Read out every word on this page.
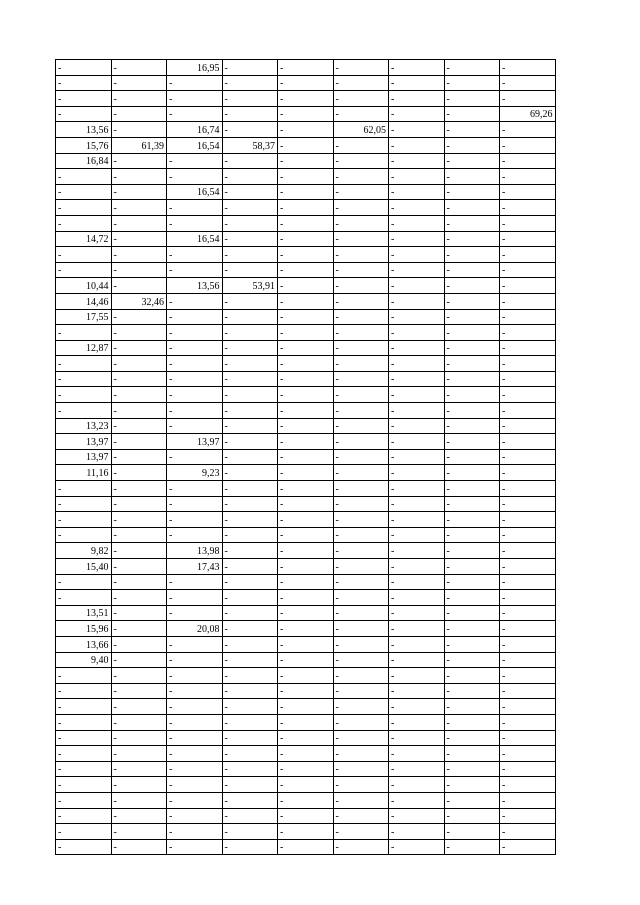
-	-	16,95	-	-	-	-	-	-
-	-	-	-	-	-	-	-	-
-	-	-	-	-	-	-	-	-
-	-	-	-	-	-	-	-	69,26
13,56	-	16,74	-	-	62,05	-	-	-
15,76	61,39	16,54	58,37	-	-	-	-	-
16,84	-	-	-	-	-	-	-	-
-	-	-	-	-	-	-	-	-
-	-	16,54	-	-	-	-	-	-
-	-	-	-	-	-	-	-	-
-	-	-	-	-	-	-	-	-
14,72	-	16,54	-	-	-	-	-	-
-	-	-	-	-	-	-	-	-
-	-	-	-	-	-	-	-	-
10,44	-	13,56	53,91	-	-	-	-	-
14,46	32,46	-	-	-	-	-	-	-
17,55	-	-	-	-	-	-	-	-
-	-	-	-	-	-	-	-	-
12,87	-	-	-	-	-	-	-	-
-	-	-	-	-	-	-	-	-
-	-	-	-	-	-	-	-	-
-	-	-	-	-	-	-	-	-
-	-	-	-	-	-	-	-	-
13,23	-	-	-	-	-	-	-	-
13,97	-	13,97	-	-	-	-	-	-
13,97	-	-	-	-	-	-	-	-
11,16	-	9,23	-	-	-	-	-	-
-	-	-	-	-	-	-	-	-
-	-	-	-	-	-	-	-	-
-	-	-	-	-	-	-	-	-
-	-	-	-	-	-	-	-	-
9,82	-	13,98	-	-	-	-	-	-
15,40	-	17,43	-	-	-	-	-	-
-	-	-	-	-	-	-	-	-
-	-	-	-	-	-	-	-	-
13,51	-	-	-	-	-	-	-	-
15,96	-	20,08	-	-	-	-	-	-
13,66	-	-	-	-	-	-	-	-
9,40	-	-	-	-	-	-	-	-
-	-	-	-	-	-	-	-	-
-	-	-	-	-	-	-	-	-
-	-	-	-	-	-	-	-	-
-	-	-	-	-	-	-	-	-
-	-	-	-	-	-	-	-	-
-	-	-	-	-	-	-	-	-
-	-	-	-	-	-	-	-	-
-	-	-	-	-	-	-	-	-
-	-	-	-	-	-	-	-	-
-	-	-	-	-	-	-	-	-
-	-	-	-	-	-	-	-	-
-	-	-	-	-	-	-	-	-
